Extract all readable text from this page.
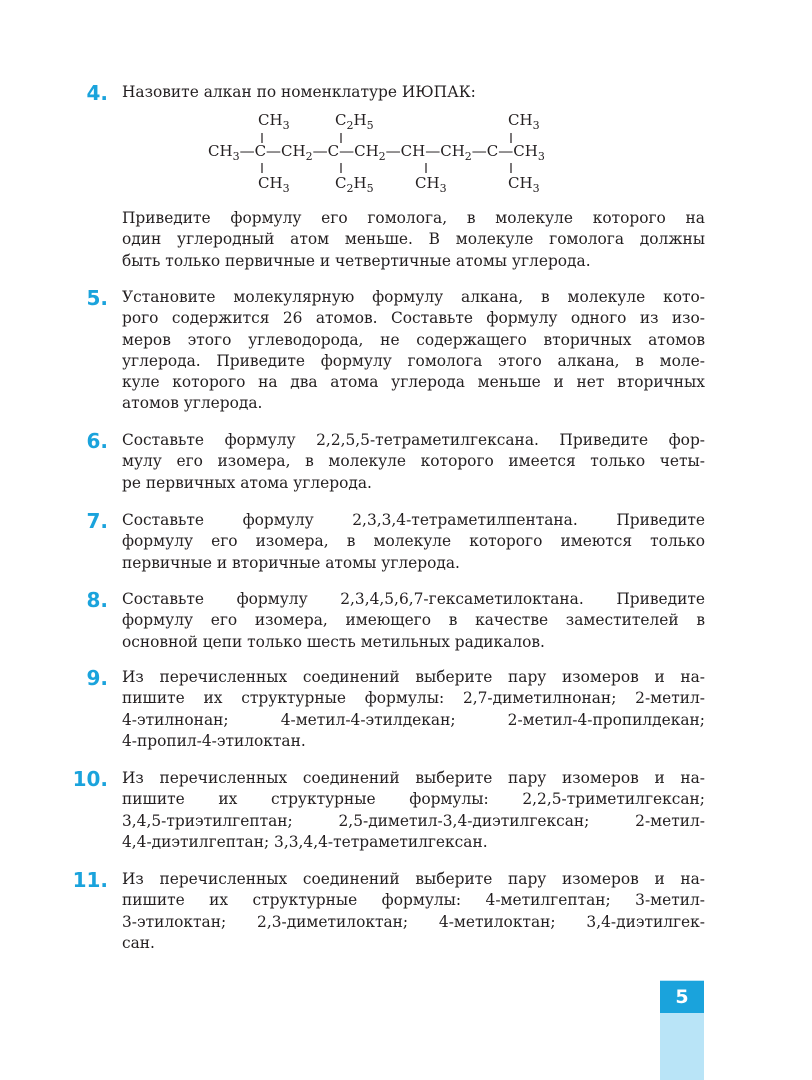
4. Назовите алкан по номенклатуре ИЮПАК:
$CH_3$	$C_2H_5$	$CH_3$
$CH_3—C—CH_2—C—CH_2—CH—CH_2—C—CH_3$
$CH_3$	$C_2H_5$	$CH_3$	$CH_3$
Приведите формулу его гомолога, в молекуле которого на
один углеродный атом меньше. В молекуле гомолога должны
быть только первичные и четвертичные атомы углерода.
5. Установите молекулярную формулу алкана, в молекуле кото-
рого содержится 26 атомов. Составьте формулу одного из изо-
меров этого углеводорода, не содержащего вторичных атомов
углерода. Приведите формулу гомолога этого алкана, в моле-
куле которого на два атома углерода меньше и нет вторичных
атомов углерода.
6. Составьте формулу 2,2,5,5-тетраметилгексана. Приведите фор-
мулу его изомера, в молекуле которого имеется только четы-
ре первичных атома углерода.
7. Составьте формулу 2,3,3,4-тетраметилпентана. Приведите
формулу его изомера, в молекуле которого имеются только
первичные и вторичные атомы углерода.
8. Составьте формулу 2,3,4,5,6,7-гексаметилоктана. Приведите
формулу его изомера, имеющего в качестве заместителей в
основной цепи только шесть метильных радикалов.
9. Из перечисленных соединений выберите пару изомеров и на-
пишите их структурные формулы: 2,7-диметилнонан; 2-метил-
4-этилнонан; 4-метил-4-этилдекан; 2-метил-4-пропилдекан;
4-пропил-4-этилоктан.
10. Из перечисленных соединений выберите пару изомеров и на-
пишите их структурные формулы: 2,2,5-триметилгексан;
3,4,5-триэтилгептан; 2,5-диметил-3,4-диэтилгексан; 2-метил-
4,4-диэтилгептан; 3,3,4,4-тетраметилгексан.
11. Из перечисленных соединений выберите пару изомеров и на-
пишите их структурные формулы: 4-метилгептан; 3-метил-
3-этилоктан; 2,3-диметилоктан; 4-метилоктан; 3,4-диэтилгек-
сан.
5
